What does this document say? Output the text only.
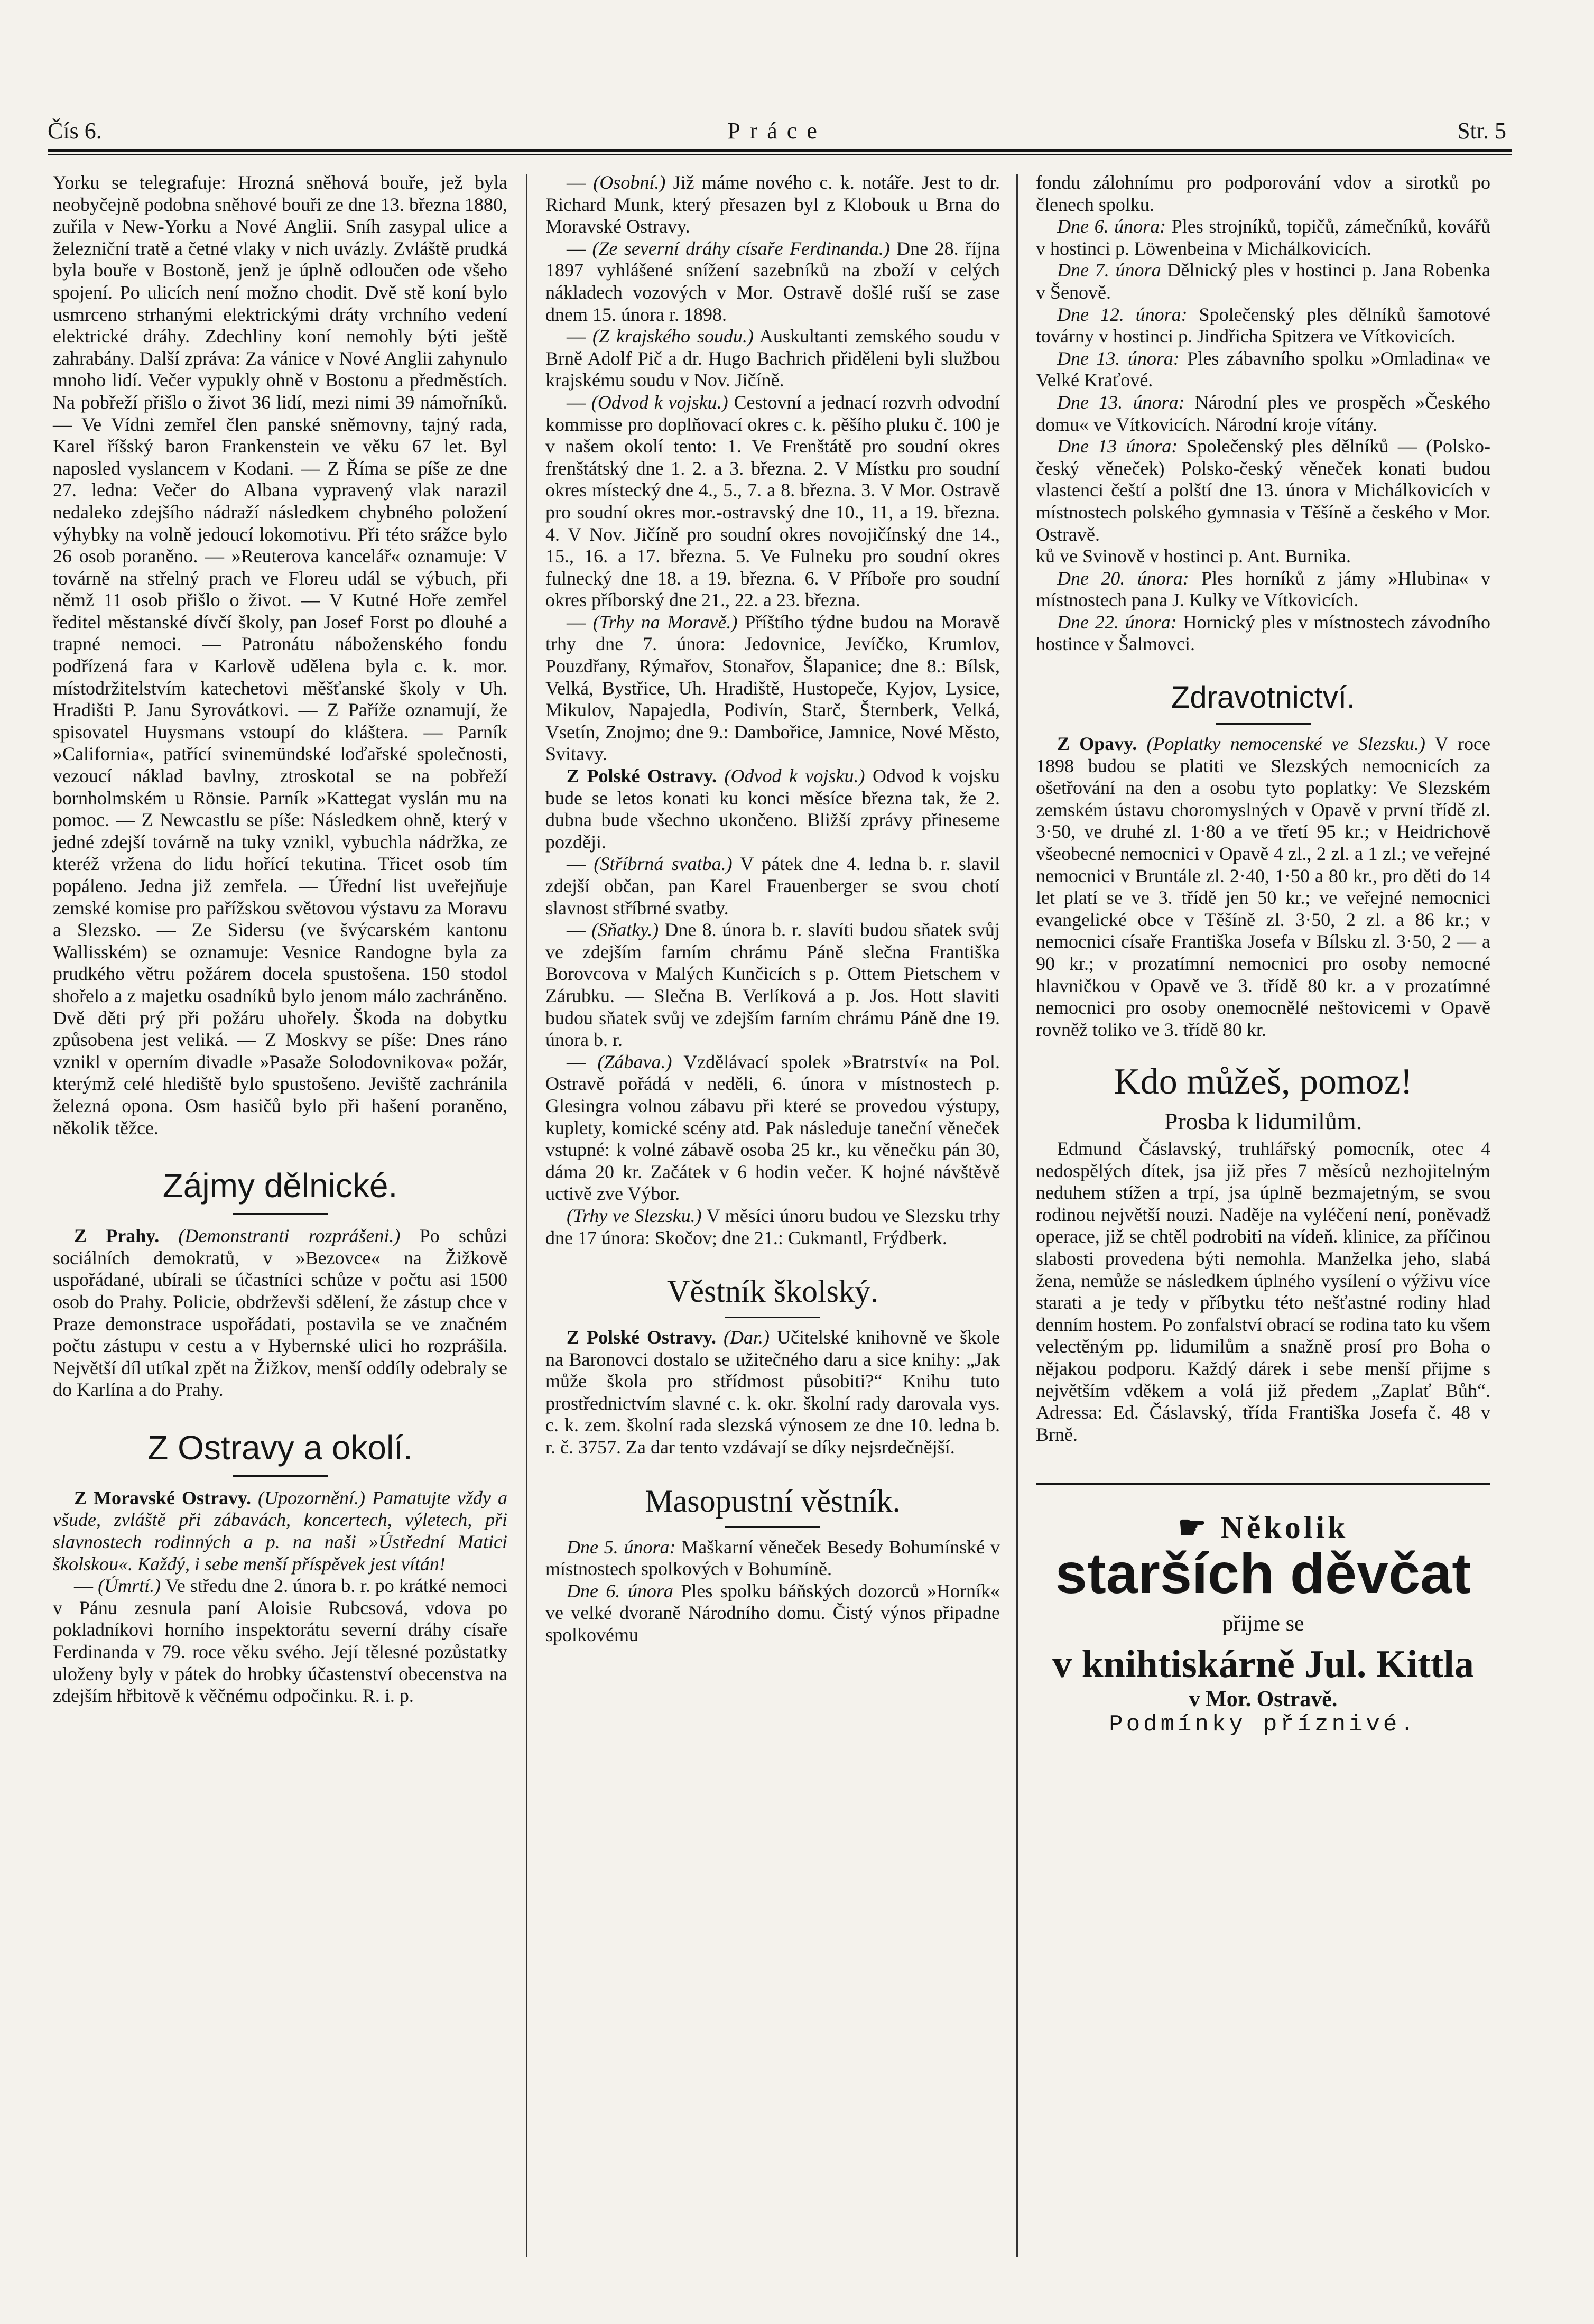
Čís 6.	Práce	Str. 5

Yorku se telegrafuje: Hrozná sněhová bouře, jež byla neobyčejně podobna sněhové bouři ze dne 13. března 1880, zuřila v New-Yorku a Nové Anglii. Sníh zasypal ulice a železniční tratě a četné vlaky v nich uvázly. Zvláště prudká byla bouře v Bostoně, jenž je úplně odloučen ode všeho spojení. Po ulicích není možno chodit. Dvě stě koní bylo usmrceno strhanými elektrickými dráty vrchního vedení elektrické dráhy. Zdechliny koní nemohly býti ještě zahrabány. Další zpráva: Za vánice v Nové Anglii zahynulo mnoho lidí. Večer vypukly ohně v Bostonu a předměstích. Na pobřeží přišlo o život 36 lidí, mezi nimi 39 námořníků. — Ve Vídni zemřel člen panské sněmovny, tajný rada, Karel říšský baron Frankenstein ve věku 67 let. Byl naposled vyslancem v Kodani. — Z Říma se píše ze dne 27. ledna: Večer do Albana vypravený vlak narazil nedaleko zdejšího nádraží následkem chybného položení výhybky na volně jedoucí lokomotivu. Při této srážce bylo 26 osob poraněno. — »Reuterova kancelář« oznamuje: V továrně na střelný prach ve Floreu udál se výbuch, při němž 11 osob přišlo o život. — V Kutné Hoře zemřel ředitel městanské dívčí školy, pan Josef Forst po dlouhé a trapné nemoci. — Patronátu náboženského fondu podřízená fara v Karlově udělena byla c. k. mor. místodržitelstvím katechetovi měšťanské školy v Uh. Hradišti P. Janu Syrovátkovi. — Z Paříže oznamují, že spisovatel Huysmans vstoupí do kláštera. — Parník »California«, patřící svinemündské loďařské společnosti, vezoucí náklad bavlny, ztroskotal se na pobřeží bornholmském u Rönsie. Parník »Kattegat vyslán mu na pomoc. — Z Newcastlu se píše: Následkem ohně, který v jedné zdejší továrně na tuky vznikl, vybuchla nádržka, ze kteréž vržena do lidu hořící tekutina. Třicet osob tím popáleno. Jedna již zemřela. — Úřední list uveřejňuje zemské komise pro pařížskou světovou výstavu za Moravu a Slezsko. — Ze Sidersu (ve švýcarském kantonu Wallisském) se oznamuje: Vesnice Randogne byla za prudkého větru požárem docela spustošena. 150 stodol shořelo a z majetku osadníků bylo jenom málo zachráněno. Dvě děti prý při požáru uhořely. Škoda na dobytku způsobena jest veliká. — Z Moskvy se píše: Dnes ráno vznikl v operním divadle »Pasaže Solodovnikova« požár, kterýmž celé hlediště bylo spustošeno. Jeviště zachránila železná opona. Osm hasičů bylo při hašení poraněno, několik těžce.

Zájmy dělnické.

Z Prahy. (Demonstranti rozprášeni.) Po schůzi sociálních demokratů, v »Bezovce« na Žižkově uspořádané, ubírali se účastníci schůze v počtu asi 1500 osob do Prahy. Policie, obdrževši sdělení, že zástup chce v Praze demonstrace uspořádati, postavila se ve značném počtu zástupu v cestu a v Hybernské ulici ho rozprášila. Největší díl utíkal zpět na Žižkov, menší oddíly odebraly se do Karlína a do Prahy.

Z Ostravy a okolí.

Z Moravské Ostravy. (Upozornění.) Pamatujte vždy a všude, zvláště při zábavách, koncertech, výletech, při slavnostech rodinných a p. na naši »Ústřední Matici školskou«. Každý, i sebe menší příspěvek jest vítán!

— (Úmrtí.) Ve středu dne 2. února b. r. po krátké nemoci v Pánu zesnula paní Aloisie Rubcsová, vdova po pokladníkovi horního inspektorátu severní dráhy císaře Ferdinanda v 79. roce věku svého. Její tělesné pozůstatky uloženy byly v pátek do hrobky účastenství obecenstva na zdejším hřbitově k věčnému odpočinku. R. i. p.

— (Osobní.) Již máme nového c. k. notáře. Jest to dr. Richard Munk, který přesazen byl z Klobouk u Brna do Moravské Ostravy.

— (Ze severní dráhy císaře Ferdinanda.) Dne 28. října 1897 vyhlášené snížení sazebníků na zboží v celých nákladech vozových v Mor. Ostravě došlé ruší se zase dnem 15. února r. 1898.

— (Z krajského soudu.) Auskultanti zemského soudu v Brně Adolf Pič a dr. Hugo Bachrich přiděleni byli službou krajskému soudu v Nov. Jičíně.

— (Odvod k vojsku.) Cestovní a jednací rozvrh odvodní kommisse pro doplňovací okres c. k. pěšího pluku č. 100 je v našem okolí tento: 1. Ve Frenštátě pro soudní okres frenštátský dne 1. 2. a 3. března. 2. V Místku pro soudní okres místecký dne 4., 5., 7. a 8. března. 3. V Mor. Ostravě pro soudní okres mor.-ostravský dne 10., 11, a 19. března. 4. V Nov. Jičíně pro soudní okres novojičínský dne 14., 15., 16. a 17. března. 5. Ve Fulneku pro soudní okres fulnecký dne 18. a 19. března. 6. V Příboře pro soudní okres příborský dne 21., 22. a 23. března.

— (Trhy na Moravě.) Příštího týdne budou na Moravě trhy dne 7. února: Jedovnice, Jevíčko, Krumlov, Pouzdřany, Rýmařov, Stonařov, Šlapanice; dne 8.: Bílsk, Velká, Bystřice, Uh. Hradiště, Hustopeče, Kyjov, Lysice, Mikulov, Napajedla, Podivín, Starč, Šternberk, Velká, Vsetín, Znojmo; dne 9.: Dambořice, Jamnice, Nové Město, Svitavy.

Z Polské Ostravy. (Odvod k vojsku.) Odvod k vojsku bude se letos konati ku konci měsíce března tak, že 2. dubna bude všechno ukončeno. Bližší zprávy přineseme později.

— (Stříbrná svatba.) V pátek dne 4. ledna b. r. slavil zdejší občan, pan Karel Frauenberger se svou chotí slavnost stříbrné svatby.

— (Sňatky.) Dne 8. února b. r. slavíti budou sňatek svůj ve zdejším farním chrámu Páně slečna Františka Borovcova v Malých Kunčicích s p. Ottem Pietschem v Zárubku. — Slečna B. Verlíková a p. Jos. Hott slaviti budou sňatek svůj ve zdejším farním chrámu Páně dne 19. února b. r.

— (Zábava.) Vzdělávací spolek »Bratrství« na Pol. Ostravě pořádá v neděli, 6. února v místnostech p. Glesingra volnou zábavu při které se provedou výstupy, kuplety, komické scény atd. Pak následuje taneční věneček vstupné: k volné zábavě osoba 25 kr., ku věnečku pán 30, dáma 20 kr. Začátek v 6 hodin večer. K hojné návštěvě uctivě zve Výbor.

(Trhy ve Slezsku.) V měsíci únoru budou ve Slezsku trhy dne 17 února: Skočov; dne 21.: Cukmantl, Frýdberk.

Věstník školský.

Z Polské Ostravy. (Dar.) Učitelské knihovně ve škole na Baronovci dostalo se užitečného daru a sice knihy: „Jak může škola pro střídmost působiti?“ Knihu tuto prostřednictvím slavné c. k. okr. školní rady darovala vys. c. k. zem. školní rada slezská výnosem ze dne 10. ledna b. r. č. 3757. Za dar tento vzdávají se díky nejsrdečnější.

Masopustní věstník.

Dne 5. února: Maškarní věneček Besedy Bohumínské v místnostech spolkových v Bohumíně.

Dne 6. února Ples spolku báňských dozorců »Horník« ve velké dvoraně Národního domu. Čistý výnos připadne spolkovému

fondu zálohnímu pro podporování vdov a sirotků po členech spolku.

Dne 6. února: Ples strojníků, topičů, zámečníků, kovářů v hostinci p. Löwenbeina v Michálkovicích.

Dne 7. února Dělnický ples v hostinci p. Jana Robenka v Šenově.

Dne 12. února: Společenský ples dělníků šamotové továrny v hostinci p. Jindřicha Spitzera ve Vítkovicích.

Dne 13. února: Ples zábavního spolku »Omladina« ve Velké Kraťové.

Dne 13. února: Národní ples ve prospěch »Českého domu« ve Vítkovicích. Národní kroje vítány.

Dne 13 února: Společenský ples dělníků — (Polsko-český věneček) Polsko-český věneček konati budou vlastenci čeští a polští dne 13. února v Michálkovicích v místnostech polského gymnasia v Těšíně a českého v Mor. Ostravě.

ků ve Svinově v hostinci p. Ant. Burnika.

Dne 20. února: Ples horníků z jámy »Hlubina« v místnostech pana J. Kulky ve Vítkovicích.

Dne 22. února: Hornický ples v místnostech závodního hostince v Šalmovci.

Zdravotnictví.

Z Opavy. (Poplatky nemocenské ve Slezsku.) V roce 1898 budou se platiti ve Slezských nemocnicích za ošetřování na den a osobu tyto poplatky: Ve Slezském zemském ústavu choromyslných v Opavě v první třídě zl. 3·50, ve druhé zl. 1·80 a ve třetí 95 kr.; v Heidrichově všeobecné nemocnici v Opavě 4 zl., 2 zl. a 1 zl.; ve veřejné nemocnici v Bruntále zl. 2·40, 1·50 a 80 kr., pro děti do 14 let platí se ve 3. třídě jen 50 kr.; ve veřejné nemocnici evangelické obce v Těšíně zl. 3·50, 2 zl. a 86 kr.; v nemocnici císaře Františka Josefa v Bílsku zl. 3·50, 2 — a 90 kr.; v prozatímní nemocnici pro osoby nemocné hlavničkou v Opavě ve 3. třídě 80 kr. a v prozatímné nemocnici pro osoby onemocnělé neštovicemi v Opavě rovněž toliko ve 3. třídě 80 kr.

Kdo můžeš, pomoz!
Prosba k lidumilům.

Edmund Čáslavský, truhlářský pomocník, otec 4 nedospělých dítek, jsa již přes 7 měsíců nezhojitelným neduhem stížen a trpí, jsa úplně bezmajetným, se svou rodinou největší nouzi. Naděje na vyléčení není, poněvadž operace, již se chtěl podrobiti na vídeň. klinice, za příčinou slabosti provedena býti nemohla. Manželka jeho, slabá žena, nemůže se následkem úplného vysílení o výživu více starati a je tedy v příbytku této nešťastné rodiny hlad denním hostem. Po zonfalství obrací se rodina tato ku všem velectěným pp. lidumilům a snažně prosí pro Boha o nějakou podporu. Každý dárek i sebe menší přijme s největším vděkem a volá již předem „Zaplať Bůh“. Adressa: Ed. Čáslavský, třída Františka Josefa č. 48 v Brně.

☛ Několik
starších děvčat
přijme se
v knihtiskárně Jul. Kittla
v Mor. Ostravě.
Podmínky příznivé.
